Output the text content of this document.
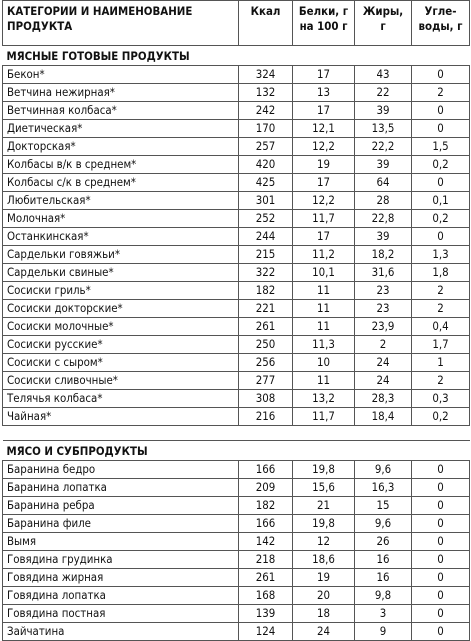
КАТЕГОРИИ И НАИМЕНОВАНИЕ ПРОДУКТА	Ккал	Белки, г на 100 г	Жиры, г	Угле-воды, г
МЯСНЫЕ ГОТОВЫЕ ПРОДУКТЫ				
Бекон*	324	17	43	0
Ветчина нежирная*	132	13	22	2
Ветчинная колбаса*	242	17	39	0
Диетическая*	170	12,1	13,5	0
Докторская*	257	12,2	22,2	1,5
Колбасы в/к в среднем*	420	19	39	0,2
Колбасы с/к в среднем*	425	17	64	0
Любительская*	301	12,2	28	0,1
Молочная*	252	11,7	22,8	0,2
Останкинская*	244	17	39	0
Сардельки говяжьи*	215	11,2	18,2	1,3
Сардельки свиные*	322	10,1	31,6	1,8
Сосиски гриль*	182	11	23	2
Сосиски докторские*	221	11	23	2
Сосиски молочные*	261	11	23,9	0,4
Сосиски русские*	250	11,3	2	1,7
Сосиски с сыром*	256	10	24	1
Сосиски сливочные*	277	11	24	2
Телячья колбаса*	308	13,2	28,3	0,3
Чайная*	216	11,7	18,4	0,2

МЯСО И СУБПРОДУКТЫ				
Баранина бедро	166	19,8	9,6	0
Баранина лопатка	209	15,6	16,3	0
Баранина ребра	182	21	15	0
Баранина филе	166	19,8	9,6	0
Вымя	142	12	26	0
Говядина грудинка	218	18,6	16	0
Говядина жирная	261	19	16	0
Говядина лопатка	168	20	9,8	0
Говядина постная	139	18	3	0
Зайчатина	124	24	9	0
